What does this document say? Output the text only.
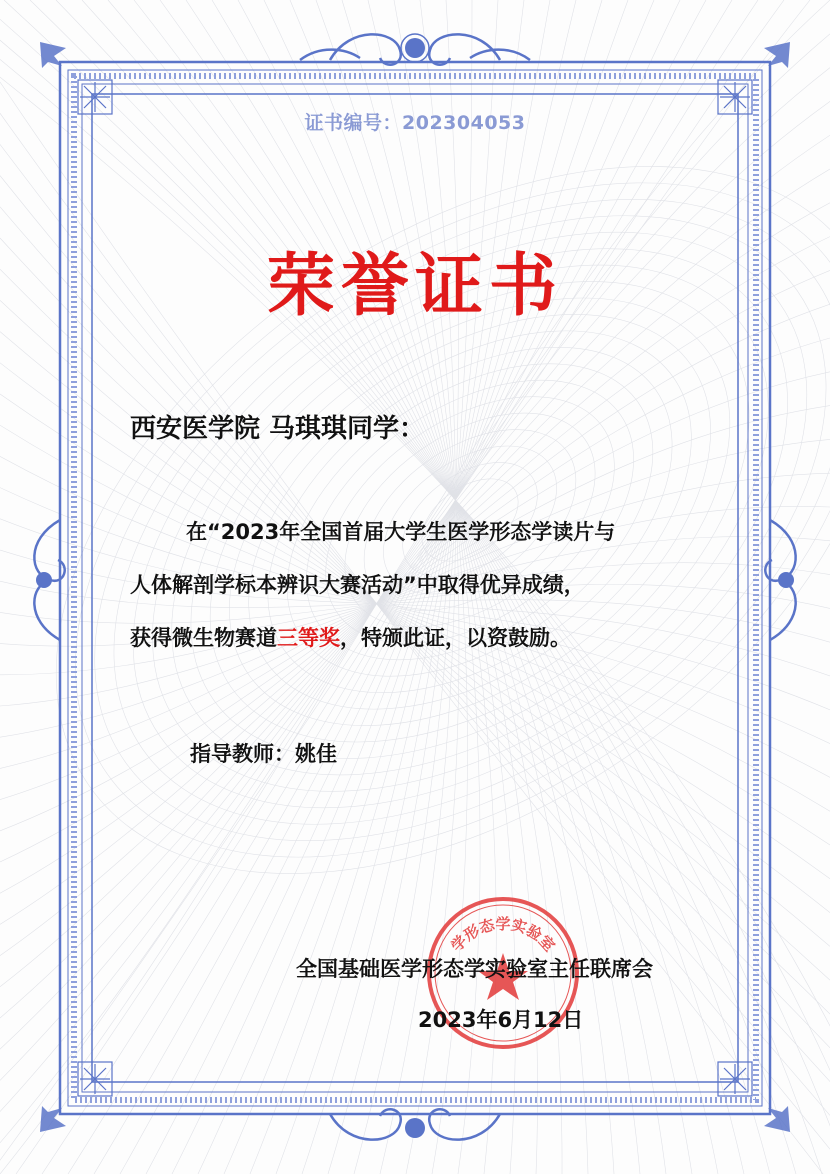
证书编号：202304053
荣誉证书
西安医学院 马琪琪同学：
在“2023年全国首届大学生医学形态学读片与
人体解剖学标本辨识大赛活动”中取得优异成绩，
获得微生物赛道三等奖，特颁此证，以资鼓励。
指导教师：姚佳
学形态学实验室
全国基础医学形态学实验室主任联席会
2023年6月12日
